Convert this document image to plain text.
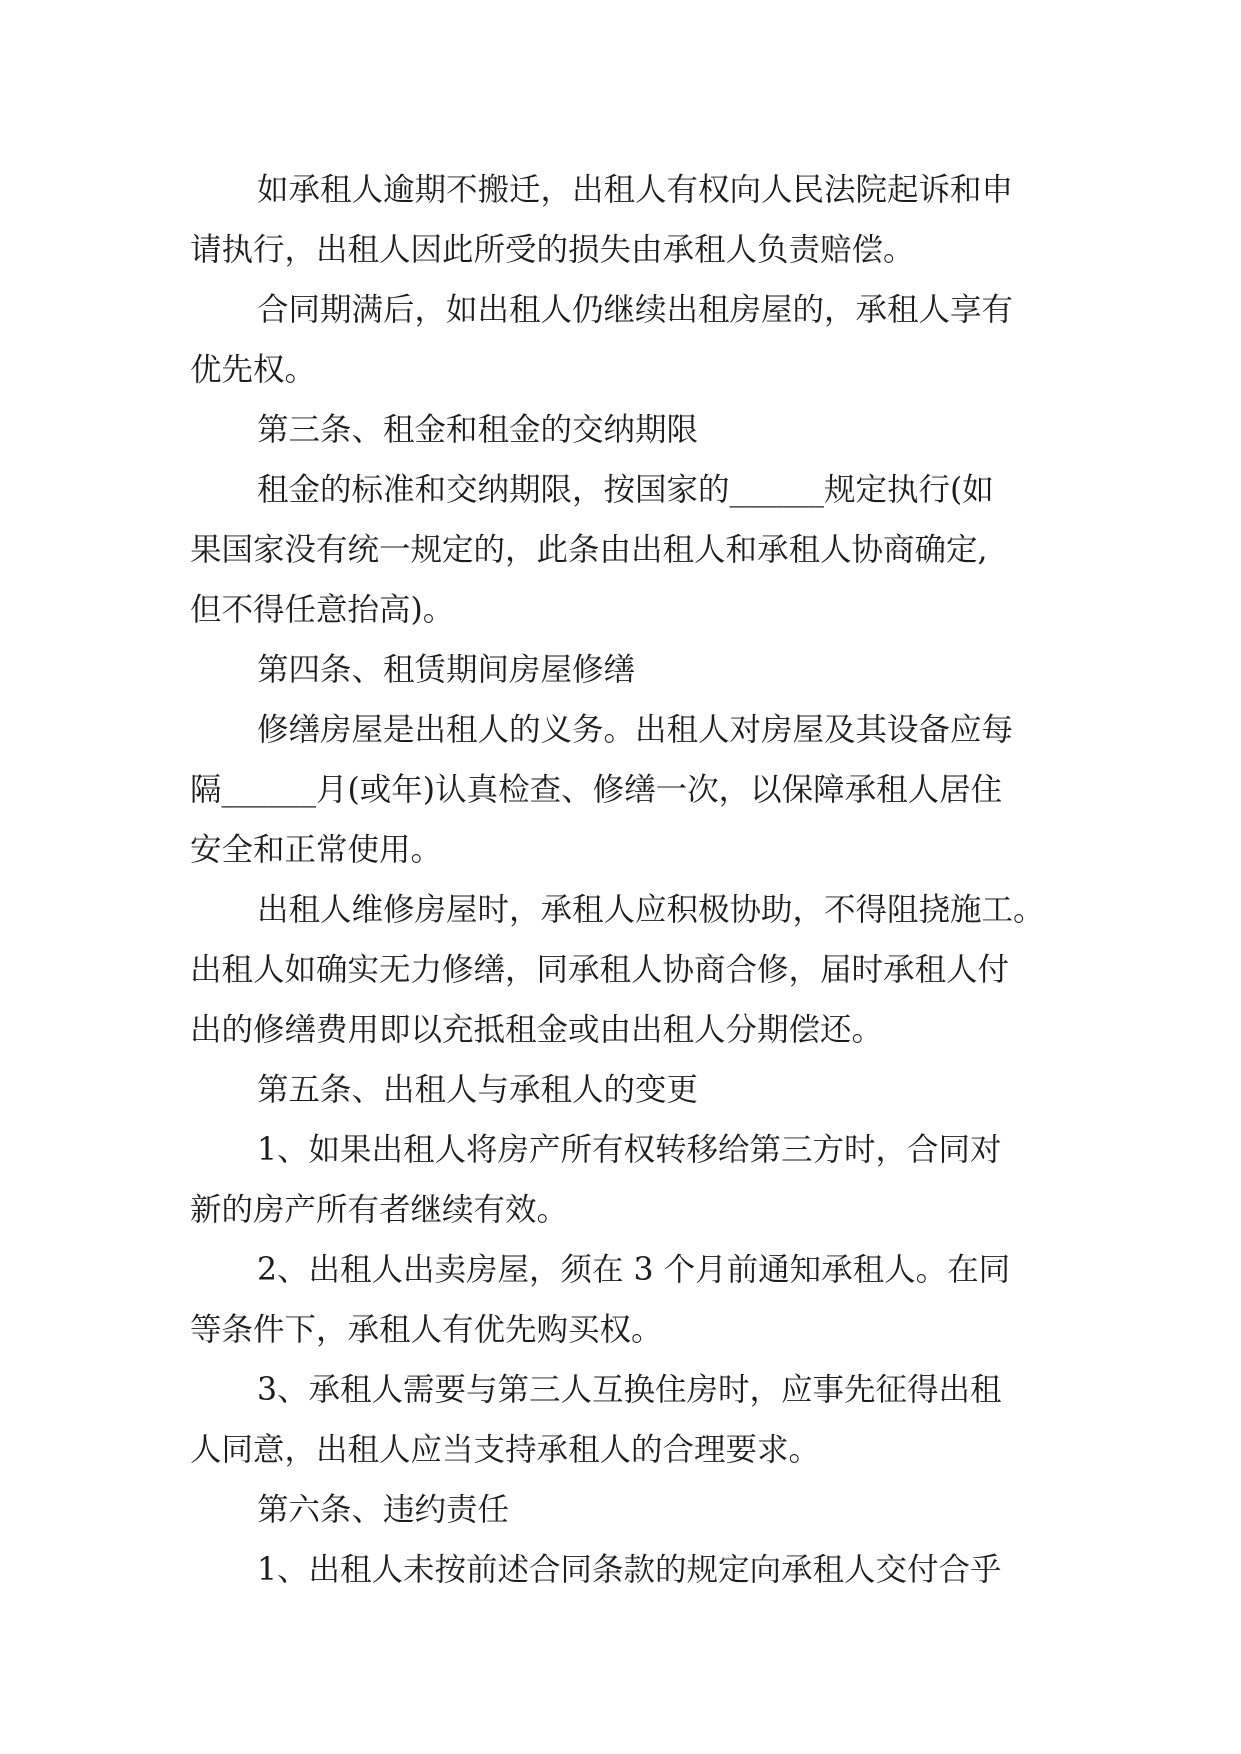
如承租人逾期不搬迁，出租人有权向人民法院起诉和申

请执行，出租人因此所受的损失由承租人负责赔偿。

合同期满后，如出租人仍继续出租房屋的，承租人享有

优先权。

第三条、租金和租金的交纳期限

租金的标准和交纳期限，按国家的______规定执行(如

果国家没有统一规定的，此条由出租人和承租人协商确定,

但不得任意抬高)。

第四条、租赁期间房屋修缮

修缮房屋是出租人的义务。出租人对房屋及其设备应每

隔______月(或年)认真检查、修缮一次，以保障承租人居住

安全和正常使用。

出租人维修房屋时，承租人应积极协助，不得阻挠施工。

出租人如确实无力修缮，同承租人协商合修，届时承租人付

出的修缮费用即以充抵租金或由出租人分期偿还。

第五条、出租人与承租人的变更

1、如果出租人将房产所有权转移给第三方时，合同对

新的房产所有者继续有效。

2、出租人出卖房屋，须在 3 个月前通知承租人。在同

等条件下，承租人有优先购买权。

3、承租人需要与第三人互换住房时，应事先征得出租

人同意，出租人应当支持承租人的合理要求。

第六条、违约责任

1、出租人未按前述合同条款的规定向承租人交付合乎
